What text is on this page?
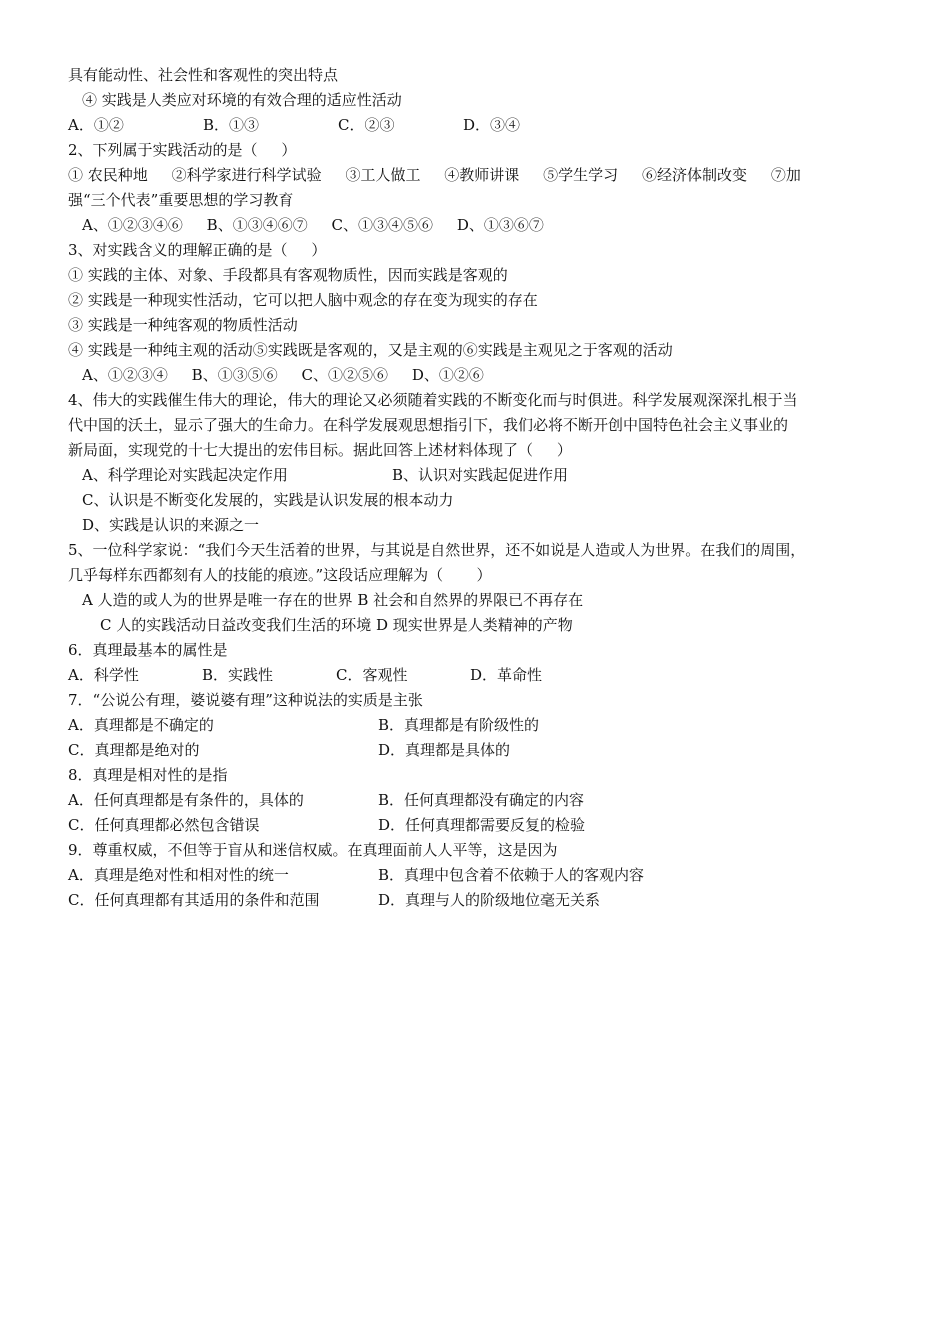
具有能动性、社会性和客观性的突出特点
④ 实践是人类应对环境的有效合理的适应性活动
A．①②	B．①③	C．②③	D．③④
2、下列属于实践活动的是（     ）
① 农民种地     ②科学家进行科学试验     ③工人做工     ④教师讲课     ⑤学生学习     ⑥经济体制改变     ⑦加
强“三个代表”重要思想的学习教育
A、①②③④⑥     B、①③④⑥⑦     C、①③④⑤⑥     D、①③⑥⑦
3、对实践含义的理解正确的是（     ）
① 实践的主体、对象、手段都具有客观物质性，因而实践是客观的
② 实践是一种现实性活动，它可以把人脑中观念的存在变为现实的存在
③ 实践是一种纯客观的物质性活动
④ 实践是一种纯主观的活动⑤实践既是客观的，又是主观的⑥实践是主观见之于客观的活动
A、①②③④     B、①③⑤⑥     C、①②⑤⑥     D、①②⑥
4、伟大的实践催生伟大的理论，伟大的理论又必须随着实践的不断变化而与时俱进。科学发展观深深扎根于当
代中国的沃土，显示了强大的生命力。在科学发展观思想指引下，我们必将不断开创中国特色社会主义事业的
新局面，实现党的十七大提出的宏伟目标。据此回答上述材料体现了（     ）
A、科学理论对实践起决定作用	B、认识对实践起促进作用
C、认识是不断变化发展的，实践是认识发展的根本动力
D、实践是认识的来源之一
5、一位科学家说：“我们今天生活着的世界，与其说是自然世界，还不如说是人造或人为世界。在我们的周围，
几乎每样东西都刻有人的技能的痕迹。”这段话应理解为（       ）
A 人造的或人为的世界是唯一存在的世界 B 社会和自然界的界限已不再存在
C 人的实践活动日益改变我们生活的环境 D 现实世界是人类精神的产物
6．真理最基本的属性是
A．科学性	B．实践性	C．客观性	D．革命性
7．“公说公有理，婆说婆有理”这种说法的实质是主张
A．真理都是不确定的	B．真理都是有阶级性的
C．真理都是绝对的	D．真理都是具体的
8．真理是相对性的是指
A．任何真理都是有条件的，具体的	B．任何真理都没有确定的内容
C．任何真理都必然包含错误	D．任何真理都需要反复的检验
9．尊重权威，不但等于盲从和迷信权威。在真理面前人人平等，这是因为
A．真理是绝对性和相对性的统一	B．真理中包含着不依赖于人的客观内容
C．任何真理都有其适用的条件和范围	D．真理与人的阶级地位毫无关系
